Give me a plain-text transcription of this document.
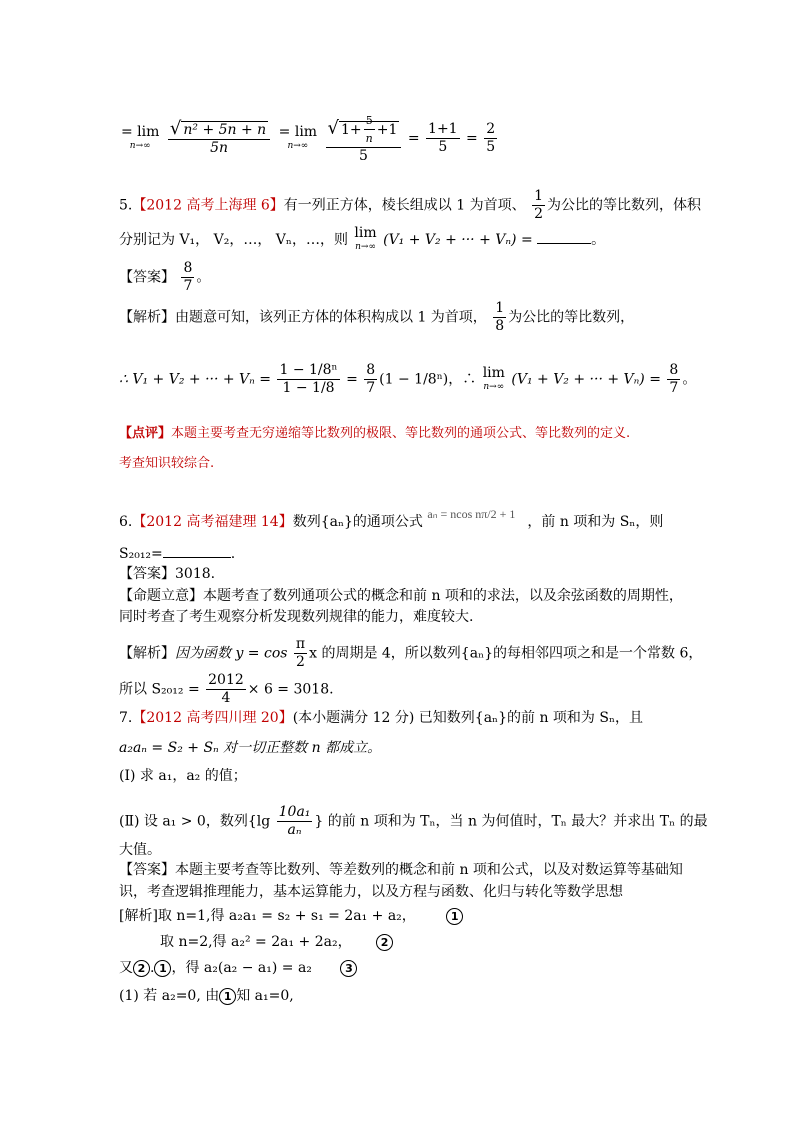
= lim
n→∞
$\frac{\text{√ n² + 5n + n}}{5n}$
= lim
n→∞
$\frac{√ 1+ \frac{5}{n} +1}{5} = \frac{1+1}{5} = \frac{2}{5}$
5.【2012 高考上海理 6】有一列正方体，棱长组成以 1 为首项、 $\frac{1}{2}$ 为公比的等比数列，体积
分别记为 V₁， V₂，…， Vₙ，…，则 lim
n→∞ (V₁ + V₂ + ··· + Vₙ) =	。
【答案】 $\frac{8}{7}$ 。
【解析】由题意可知，该列正方体的体积构成以 1 为首项， $\frac{1}{8}$ 为公比的等比数列，
∴ V₁ + V₂ + ··· + $V_n = \frac{\text{1 − 1/8ⁿ}}{1 - 1/8} = \frac{8}{7} (1 - 1/8^n)$，∴ lim
n→∞ (V₁ + V₂ + ··· + $V_n) = \frac{8}{7}$ 。
【点评】本题主要考查无穷递缩等比数列的极限、等比数列的通项公式、等比数列的定义.
考查知识较综合.
6.【2012 高考福建理 14】数列{aₙ}的通项公式 aₙ = ncos nπ/2 + 1 ，前 n 项和为 Sₙ，则
S₂₀₁₂=	.
【答案】3018.
【命题立意】本题考查了数列通项公式的概念和前 n 项和的求法，以及余弦函数的周期性，
同时考查了考生观察分析发现数列规律的能力，难度较大.
【解析】因为函数 $y = \cos \frac{\pi}{2}$ x 的周期是 4，所以数列{aₙ}的每相邻四项之和是一个常数 6，
所以 $S_{2012} = \frac{2012}{4} \times 6 = 3018$.
7.【2012 高考四川理 20】(本小题满分 12 分) 已知数列{aₙ}的前 n 项和为 Sₙ，且
a₂aₙ = S₂ + Sₙ 对一切正整数 n 都成立。
(Ⅰ) 求 a₁，a₂ 的值；
(Ⅱ) 设 a₁ > 0，数列{$\lg \frac{\text{10a₁}}{\text{aₙ}}$ } 的前 n 项和为 Tₙ，当 n 为何值时，Tₙ 最大？并求出 Tₙ 的最
大值。
【答案】本题主要考查等比数列、等差数列的概念和前 n 项和公式，以及对数运算等基础知
识，考查逻辑推理能力，基本运算能力，以及方程与函数、化归与转化等数学思想
[解析]取 n=1,得 a₂a₁ = s₂ + s₁ = 2a₁ + a₂，	1
取 n=2,得 a₂² = 2a₁ + 2a₂，	2
又 2 . 1 ，得 a₂(a₂ − a₁) = a₂	3
(1) 若 a₂=0, 由 1 知 a₁=0,
